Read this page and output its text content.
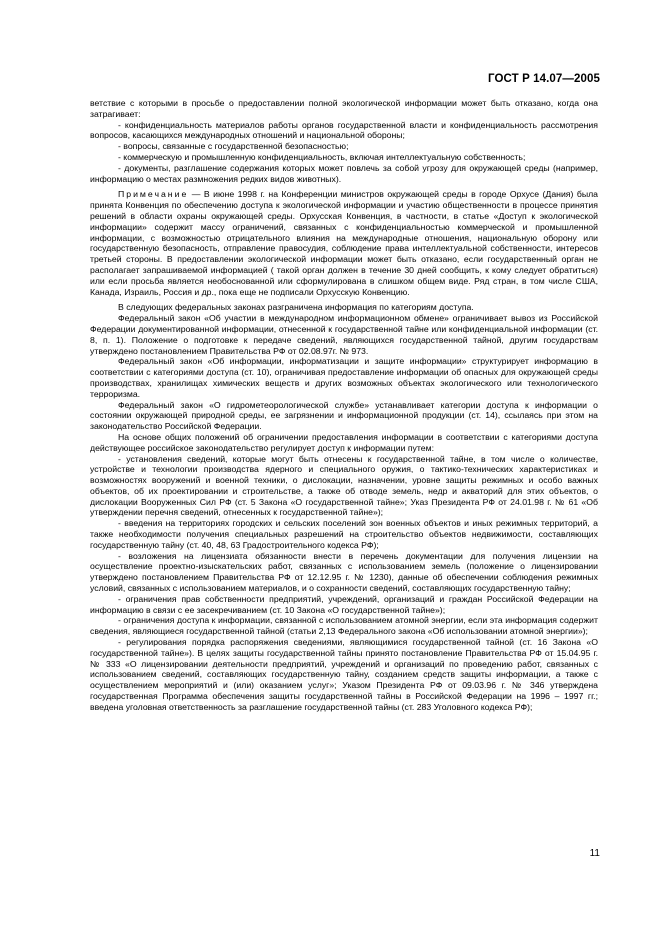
ГОСТ Р 14.07—2005

ветствие с которыми в просьбе о предоставлении полной экологической информации может быть отказано, когда она затрагивает:

- конфиденциальность материалов работы органов государственной власти и конфиденциальность рассмотрения вопросов, касающихся международных отношений и национальной обороны;

- вопросы, связанные с государственной безопасностью;

- коммерческую и промышленную конфиденциальность, включая интеллектуальную собственность;

- документы, разглашение содержания которых может повлечь за собой угрозу для окружающей среды (например, информацию о местах размножения редких видов животных).

Примечание — В июне 1998 г. на Конференции министров окружающей среды в городе Орхусе (Дания) была принята Конвенция по обеспечению доступа к экологической информации и участию общественности в процессе принятия решений в области охраны окружающей среды. Орхусская Конвенция, в частности, в статье «Доступ к экологической информации» содержит массу ограничений, связанных с конфиденциальностью коммерческой и промышленной информации, с возможностью отрицательного влияния на международные отношения, национальную оборону или государственную безопасность, отправление правосудия, соблюдение права интеллектуальной собственности, интересов третьей стороны. В предоставлении экологической информации может быть отказано, если государственный орган не располагает запрашиваемой информацией ( такой орган должен в течение 30 дней сообщить, к кому следует обратиться) или если просьба является необоснованной или сформулирована в слишком общем виде. Ряд стран, в том числе США, Канада, Израиль, Россия и др., пока еще не подписали Орхусскую Конвенцию.

В следующих федеральных законах разграничена информация по категориям доступа.

Федеральный закон «Об участии в международном информационном обмене» ограничивает вывоз из Российской Федерации документированной информации, отнесенной к государственной тайне или конфиденциальной информации (ст. 8, п. 1). Положение о подготовке к передаче сведений, являющихся государственной тайной, другим государствам утверждено постановлением Правительства РФ от 02.08.97г. № 973.

Федеральный закон «Об информации, информатизации и защите информации» структурирует информацию в соответствии с категориями доступа (ст. 10), ограничивая предоставление информации об опасных для окружающей среды производствах, хранилищах химических веществ и других возможных объектах экологического или технологического терроризма.

Федеральный закон «О гидрометеорологической службе» устанавливает категории доступа к информации о состоянии окружающей природной среды, ее загрязнении и информационной продукции (ст. 14), ссылаясь при этом на законодательство Российской Федерации.

На основе общих положений об ограничении предоставления информации в соответствии с категориями доступа действующее российское законодательство регулирует доступ к информации путем:

- установления сведений, которые могут быть отнесены к государственной тайне, в том числе о количестве, устройстве и технологии производства ядерного и специального оружия, о тактико-технических характеристиках и возможностях вооружений и военной техники, о дислокации, назначении, уровне защиты режимных и особо важных объектов, об их проектировании и строительстве, а также об отводе земель, недр и акваторий для этих объектов, о дислокации Вооруженных Сил РФ (ст. 5 Закона «О государственной тайне»; Указ Президента РФ от 24.01.98 г. № 61 «Об утверждении перечня сведений, отнесенных к государственной тайне»);

- введения на территориях городских и сельских поселений зон военных объектов и иных режимных территорий, а также необходимости получения специальных разрешений на строительство объектов недвижимости, составляющих государственную тайну (ст. 40, 48, 63 Градостроительного кодекса РФ);

- возложения на лицензиата обязанности внести в перечень документации для получения лицензии на осуществление проектно-изыскательских работ, связанных с использованием земель (положение о лицензировании утверждено постановлением Правительства РФ от 12.12.95 г. № 1230), данные об обеспечении соблюдения режимных условий, связанных с использованием материалов, и о сохранности сведений, составляющих государственную тайну;

- ограничения прав собственности предприятий, учреждений, организаций и граждан Российской Федерации на информацию в связи с ее засекречиванием (ст. 10 Закона «О государственной тайне»);

- ограничения доступа к информации, связанной с использованием атомной энергии, если эта информация содержит сведения, являющиеся государственной тайной (статьи 2,13 Федерального закона «Об использовании атомной энергии»);

- регулирования порядка распоряжения сведениями, являющимися государственной тайной (ст. 16 Закона «О государственной тайне»). В целях защиты государственной тайны принято постановление Правительства РФ от 15.04.95 г. № 333 «О лицензировании деятельности предприятий, учреждений и организаций по проведению работ, связанных с использованием сведений, составляющих государственную тайну, созданием средств защиты информации, а также с осуществлением мероприятий и (или) оказанием услуг»; Указом Президента РФ от 09.03.96 г. № 346 утверждена государственная Программа обеспечения защиты государственной тайны в Российской Федерации на 1996 – 1997 гг.; введена уголовная ответственность за разглашение государственной тайны (ст. 283 Уголовного кодекса РФ);

11
